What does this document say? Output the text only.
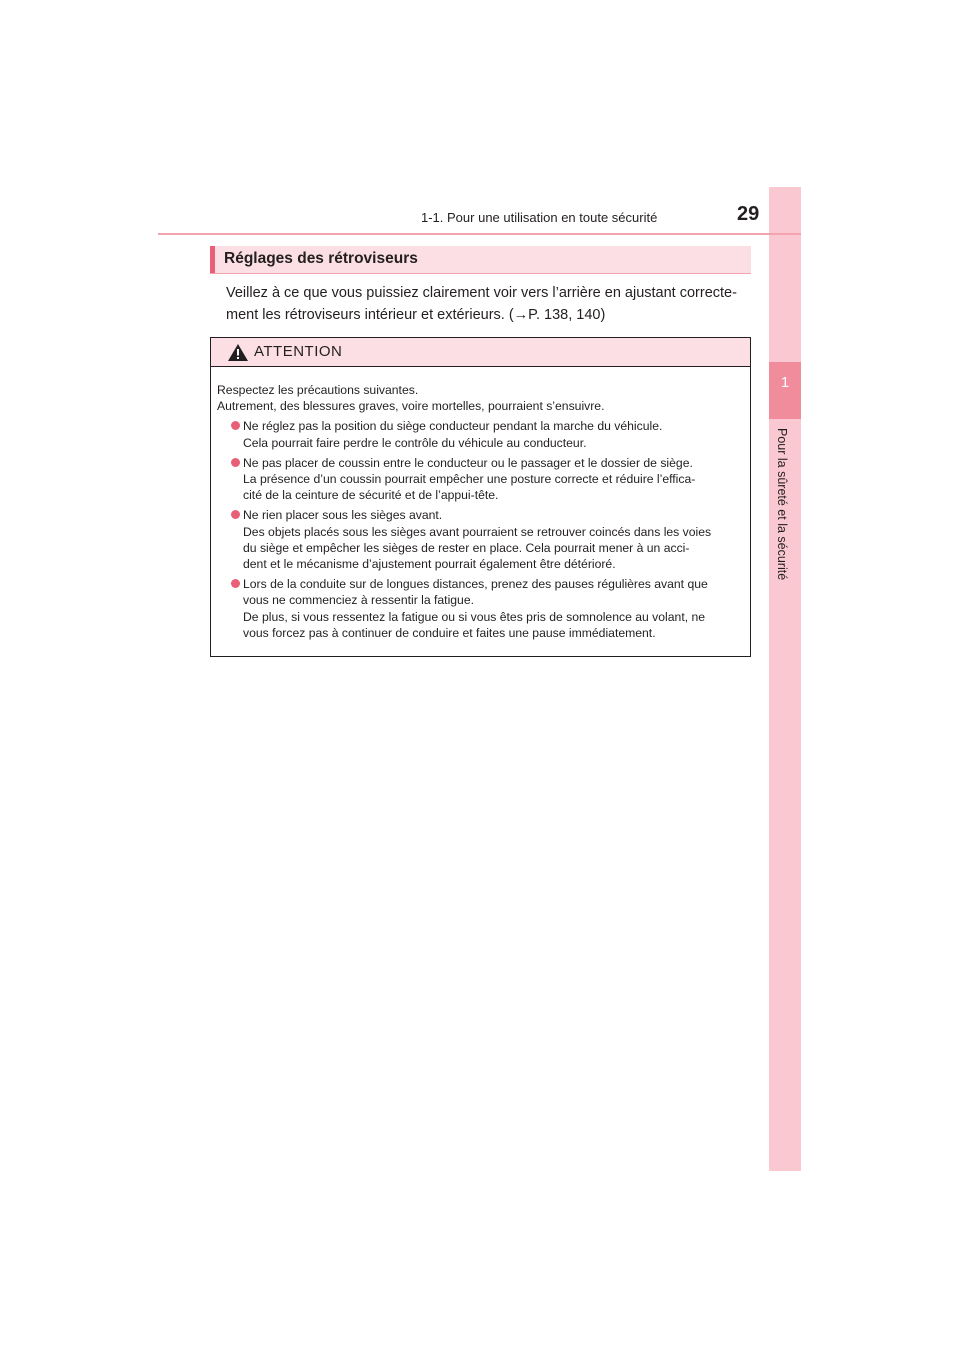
1
Pour la sûreté et la sécurité
1-1. Pour une utilisation en toute sécurité	29
Réglages des rétroviseurs
Veillez à ce que vous puissiez clairement voir vers l’arrière en ajustant correcte-
ment les rétroviseurs intérieur et extérieurs. (→P. 138, 140)
ATTENTION
Respectez les précautions suivantes.
Autrement, des blessures graves, voire mortelles, pourraient s’ensuivre.
Ne réglez pas la position du siège conducteur pendant la marche du véhicule.
Cela pourrait faire perdre le contrôle du véhicule au conducteur.
Ne pas placer de coussin entre le conducteur ou le passager et le dossier de siège.
La présence d’un coussin pourrait empêcher une posture correcte et réduire l’effica-
cité de la ceinture de sécurité et de l’appui-tête.
Ne rien placer sous les sièges avant.
Des objets placés sous les sièges avant pourraient se retrouver coincés dans les voies
du siège et empêcher les sièges de rester en place. Cela pourrait mener à un acci-
dent et le mécanisme d’ajustement pourrait également être détérioré.
Lors de la conduite sur de longues distances, prenez des pauses régulières avant que
vous ne commenciez à ressentir la fatigue.
De plus, si vous ressentez la fatigue ou si vous êtes pris de somnolence au volant, ne
vous forcez pas à continuer de conduire et faites une pause immédiatement.
